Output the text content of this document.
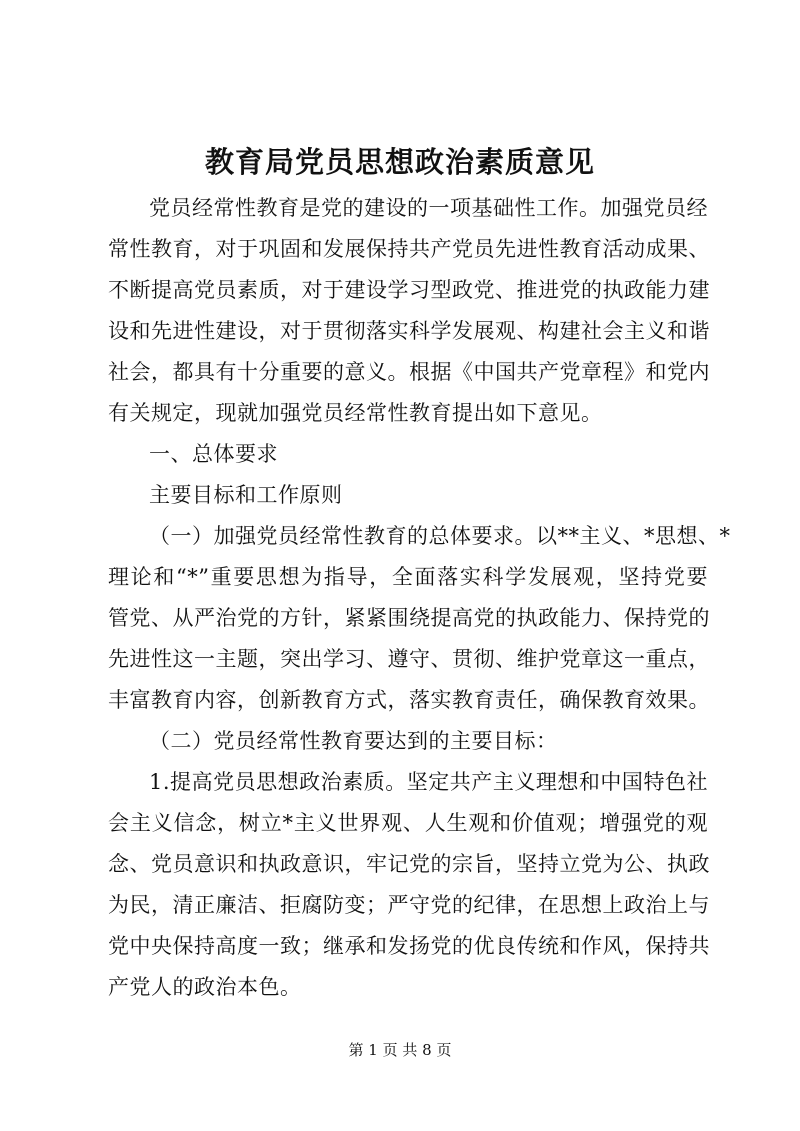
教育局党员思想政治素质意见
党员经常性教育是党的建设的一项基础性工作。加强党员经
常性教育，对于巩固和发展保持共产党员先进性教育活动成果、
不断提高党员素质，对于建设学习型政党、推进党的执政能力建
设和先进性建设，对于贯彻落实科学发展观、构建社会主义和谐
社会，都具有十分重要的意义。根据《中国共产党章程》和党内
有关规定，现就加强党员经常性教育提出如下意见。
一、总体要求
主要目标和工作原则
（一）加强党员经常性教育的总体要求。以**主义、*思想、*
理论和“*”重要思想为指导，全面落实科学发展观，坚持党要
管党、从严治党的方针，紧紧围绕提高党的执政能力、保持党的
先进性这一主题，突出学习、遵守、贯彻、维护党章这一重点，
丰富教育内容，创新教育方式，落实教育责任，确保教育效果。
（二）党员经常性教育要达到的主要目标：
1.提高党员思想政治素质。坚定共产主义理想和中国特色社
会主义信念，树立*主义世界观、人生观和价值观；增强党的观
念、党员意识和执政意识，牢记党的宗旨，坚持立党为公、执政
为民，清正廉洁、拒腐防变；严守党的纪律，在思想上政治上与
党中央保持高度一致；继承和发扬党的优良传统和作风，保持共
产党人的政治本色。
第 1 页 共 8 页
